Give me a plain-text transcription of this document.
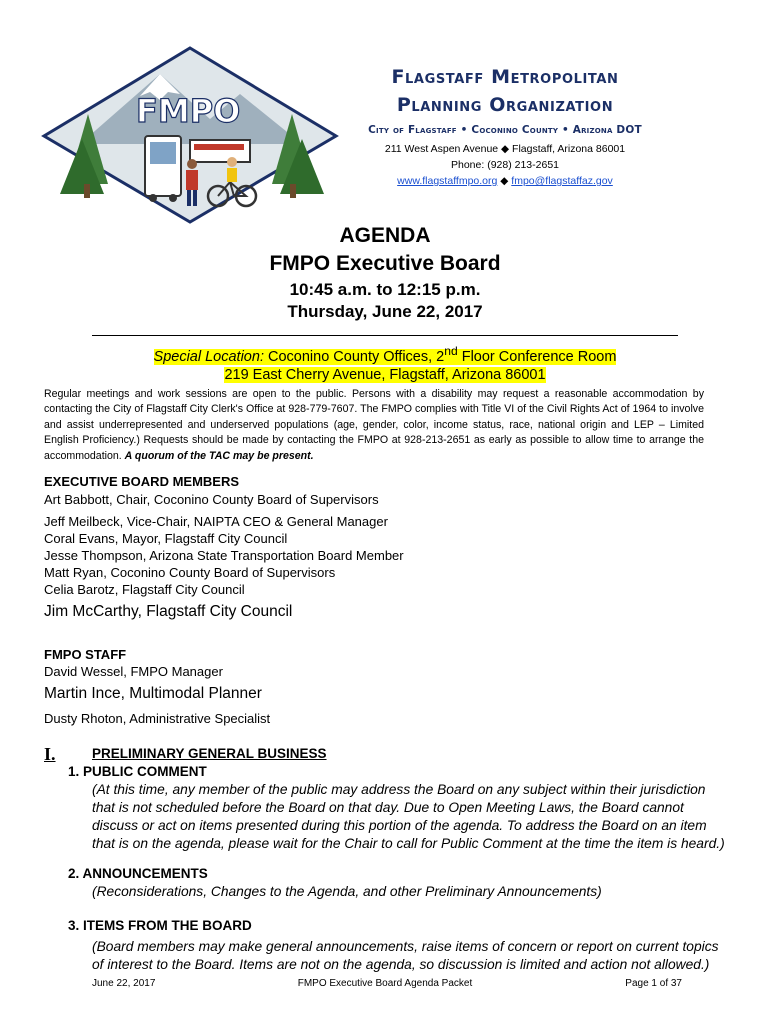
FMPO
Flagstaff Metropolitan
Planning Organization
City of Flagstaff • Coconino County • Arizona DOT
211 West Aspen Avenue ◆ Flagstaff, Arizona 86001
Phone: (928) 213-2651
www.flagstaffmpo.org ◆ fmpo@flagstaffaz.gov
AGENDA
FMPO Executive Board
10:45 a.m. to 12:15 p.m.
Thursday, June 22, 2017
Special Location: Coconino County Offices, 2nd Floor Conference Room
219 East Cherry Avenue, Flagstaff, Arizona 86001
Regular meetings and work sessions are open to the public. Persons with a disability may request a reasonable accommodation by contacting the City of Flagstaff City Clerk's Office at 928-779-7607. The FMPO complies with Title VI of the Civil Rights Act of 1964 to involve and assist underrepresented and underserved populations (age, gender, color, income status, race, national origin and LEP – Limited English Proficiency.) Requests should be made by contacting the FMPO at 928-213-2651 as early as possible to allow time to arrange the accommodation. A quorum of the TAC may be present.
EXECUTIVE BOARD MEMBERS
Art Babbott, Chair, Coconino County Board of Supervisors
Jeff Meilbeck, Vice-Chair, NAIPTA CEO & General Manager
Coral Evans, Mayor, Flagstaff City Council
Jesse Thompson, Arizona State Transportation Board Member
Matt Ryan, Coconino County Board of Supervisors
Celia Barotz, Flagstaff City Council
Jim McCarthy, Flagstaff City Council
FMPO STAFF
David Wessel, FMPO Manager
Martin Ince, Multimodal Planner
Dusty Rhoton, Administrative Specialist
I.	PRELIMINARY GENERAL BUSINESS
1. PUBLIC COMMENT
(At this time, any member of the public may address the Board on any subject within their jurisdiction that is not scheduled before the Board on that day. Due to Open Meeting Laws, the Board cannot discuss or act on items presented during this portion of the agenda. To address the Board on an item that is on the agenda, please wait for the Chair to call for Public Comment at the time the item is heard.)
2. ANNOUNCEMENTS
(Reconsiderations, Changes to the Agenda, and other Preliminary Announcements)
3. ITEMS FROM THE BOARD
(Board members may make general announcements, raise items of concern or report on current topics of interest to the Board. Items are not on the agenda, so discussion is limited and action not allowed.)
June 22, 2017	FMPO Executive Board Agenda Packet	Page 1 of 37
